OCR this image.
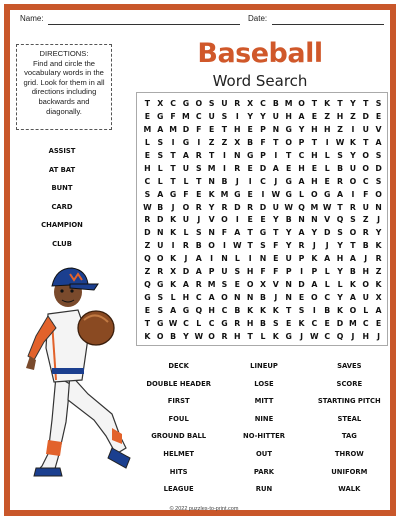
Name:	Date:
DIRECTIONS:
Find and circle the vocabulary words in the grid. Look for them in all directions including backwards and diagonally.
Baseball
Word Search
T X C G O S U R X C B M O T K T Y T S
E G F M C U S	I	Y Y U H A E Z H Z D E
M A M D F E T H E P N G Y H H Z	I	U V
L S	I	G	I	Z Z X B F T O P T	I W K T A
E S T A R T	I	N G P	I	T C H L S Y O S
H L T U S M I	R E D A E H E L B U O D
C L T L T N B	J	I	C	J	G A H E R O C S
S A G F E K M G E	I W G L O G A	I	F O
W B	J	O R Y R D R D U W Q M W T R U N
R D K U	J	V O	I	E E Y B N N V Q S Z	J
D N K L S N F A T G T Y A Y D S O R Y
Z U	I	R B O	I W T S F Y R	J	J	Y T B K
Q O K	J	A	I	N L	I	N E U P K A H A	J	R
Z R X D A P U S H F F P	I	P L Y B H Z
Q G K A R M S E O X V N D A L	L K O K
G S L H C A O N N B	J	N E O C Y A U X
E S A G Q H C B K K K T S	I	B K O L A
T G W C L C G R H B S E K C E D M C E
K O B Y W O R H T L K G	J W C Q	J	H	J
ASSIST
AT BAT
BUNT
CARD
CHAMPION
CLUB
DECK	LINEUP	SAVES
DOUBLE HEADER	LOSE	SCORE
FIRST	MITT	STARTING PITCH
FOUL	NINE	STEAL
GROUND BALL	NO-HITTER	TAG
HELMET	OUT	THROW
HITS	PARK	UNIFORM
LEAGUE	RUN	WALK
© 2022 puzzles-to-print.com
